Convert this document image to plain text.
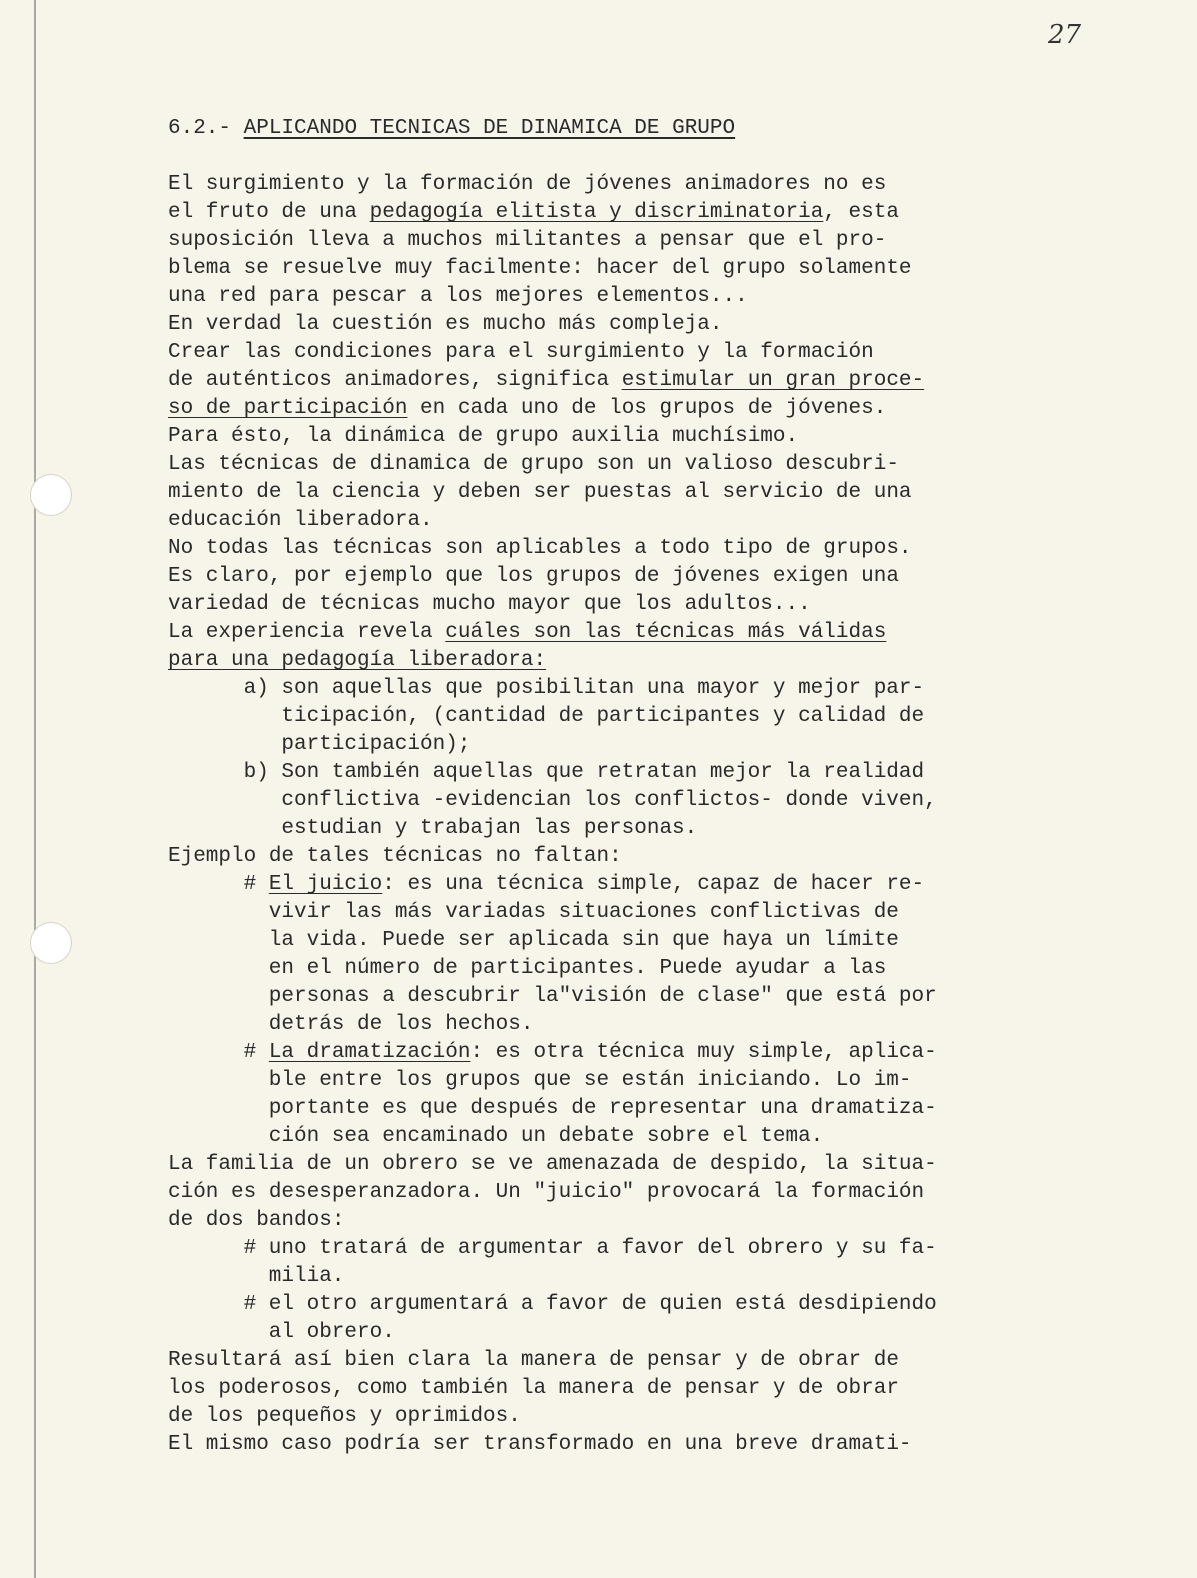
27
6.2.- APLICANDO TECNICAS DE DINAMICA DE GRUPO
El surgimiento y la formación de jóvenes animadores no es
el fruto de una pedagogía elitista y discriminatoria, esta
suposición lleva a muchos militantes a pensar que el pro-
blema se resuelve muy facilmente: hacer del grupo solamente
una red para pescar a los mejores elementos...
En verdad la cuestión es mucho más compleja.
Crear las condiciones para el surgimiento y la formación
de auténticos animadores, significa estimular un gran proce-
so de participación en cada uno de los grupos de jóvenes.
Para ésto, la dinámica de grupo auxilia muchísimo.
Las técnicas de dinamica de grupo son un valioso descubri-
miento de la ciencia y deben ser puestas al servicio de una
educación liberadora.
No todas las técnicas son aplicables a todo tipo de grupos.
Es claro, por ejemplo que los grupos de jóvenes exigen una
variedad de técnicas mucho mayor que los adultos...
La experiencia revela cuáles son las técnicas más válidas
para una pedagogía liberadora:
a) son aquellas que posibilitan una mayor y mejor par-
ticipación, (cantidad de participantes y calidad de
participación);
b) Son también aquellas que retratan mejor la realidad
conflictiva -evidencian los conflictos- donde viven,
estudian y trabajan las personas.
Ejemplo de tales técnicas no faltan:
# El juicio: es una técnica simple, capaz de hacer re-
vivir las más variadas situaciones conflictivas de
la vida. Puede ser aplicada sin que haya un límite
en el número de participantes. Puede ayudar a las
personas a descubrir la"visión de clase" que está por
detrás de los hechos.
# La dramatización: es otra técnica muy simple, aplica-
ble entre los grupos que se están iniciando. Lo im-
portante es que después de representar una dramatiza-
ción sea encaminado un debate sobre el tema.
La familia de un obrero se ve amenazada de despido, la situa-
ción es desesperanzadora. Un "juicio" provocará la formación
de dos bandos:
# uno tratará de argumentar a favor del obrero y su fa-
milia.
# el otro argumentará a favor de quien está desdipiendo
al obrero.
Resultará así bien clara la manera de pensar y de obrar de
los poderosos, como también la manera de pensar y de obrar
de los pequeños y oprimidos.
El mismo caso podría ser transformado en una breve dramati-
